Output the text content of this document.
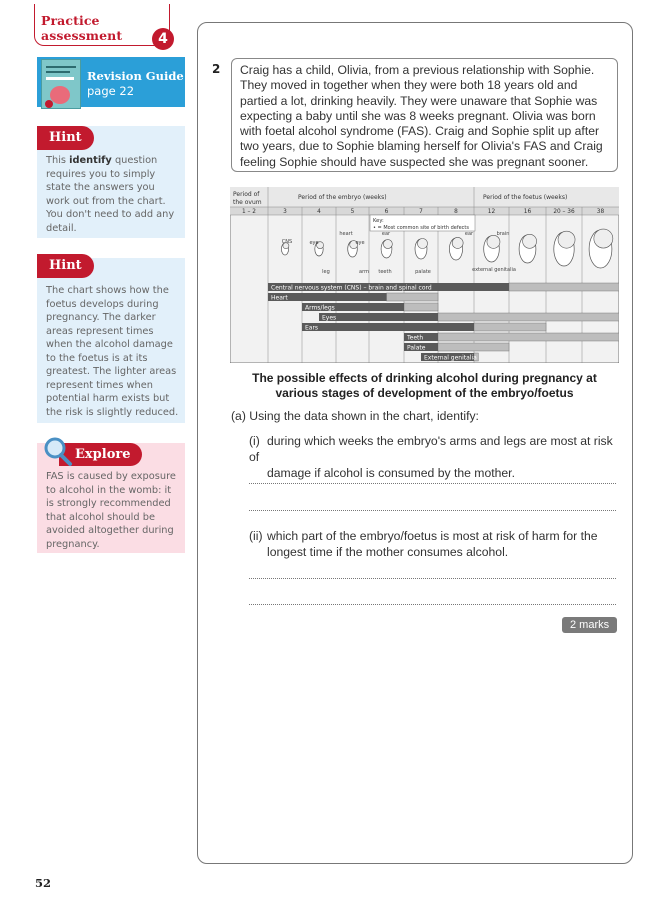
Practice assessment	4
Revision Guide
page 22
Hint
This identify question requires you to simply state the answers you work out from the chart. You don't need to add any detail.
Hint
The chart shows how the foetus develops during pregnancy. The darker areas represent times when the alcohol damage to the foetus is at its greatest. The lighter areas represent times when potential harm exists but the risk is slightly reduced.
Explore
FAS is caused by exposure to alcohol in the womb: it is strongly recommended that alcohol should be avoided altogether during pregnancy.
2	Craig has a child, Olivia, from a previous relationship with Sophie. They moved in together when they were both 18 years old and partied a lot, drinking heavily. They were unaware that Sophie was expecting a baby until she was 8 weeks pregnant. Olivia was born with foetal alcohol syndrome (FAS). Craig and Sophie split up after two years, due to Sophie blaming herself for Olivia's FAS and Craig feeling Sophie should have suspected she was pregnant sooner.
Period of
the ovum
Period of the embryo (weeks)	Period of the foetus (weeks)
1 – 2	3	4	5	6	7	8	12	16	20 – 36	38
Key:
• = Most common site of birth defects
CNS
heart
eye	eye
ear	ear	brain
leg	arm teeth	palate	external genitalia
Central nervous system (CNS) – brain and spinal cord
Heart
Arms/legs
Eyes
Ears
Teeth
Palate
External genitalia
The possible effects of drinking alcohol during pregnancy at
various stages of development of the embryo/foetus
(a) Using the data shown in the chart, identify:
(i) during which weeks the embryo's arms and legs are most at risk of
damage if alcohol is consumed by the mother.
(ii) which part of the embryo/foetus is most at risk of harm for the
longest time if the mother consumes alcohol.
2 marks
52
